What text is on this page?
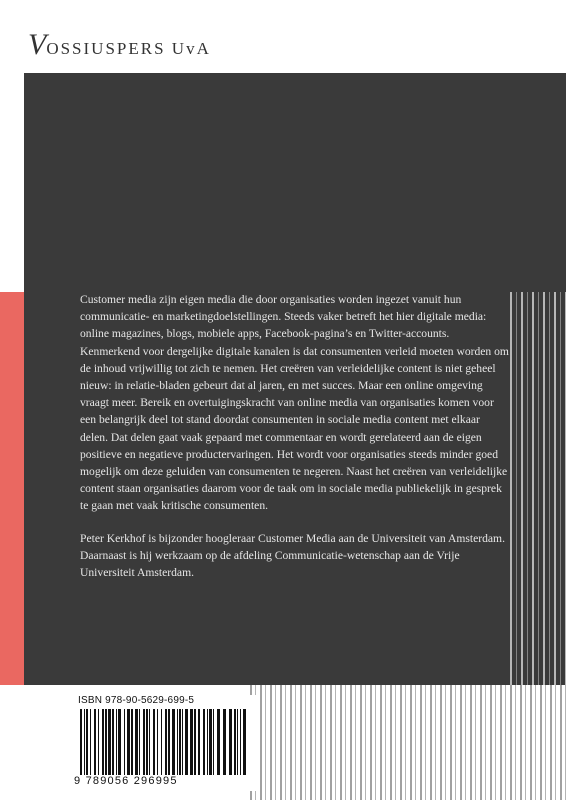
VOSSIUSPERS UvA

Customer media zijn eigen media die door organisaties worden ingezet vanuit hun communicatie- en marketingdoelstellingen. Steeds vaker betreft het hier digitale media: online magazines, blogs, mobiele apps, Facebook-pagina’s en Twitter-accounts. Kenmerkend voor dergelijke digitale kanalen is dat consumenten verleid moeten worden om de inhoud vrijwillig tot zich te nemen. Het creëren van verleidelijke content is niet geheel nieuw: in relatie-bladen gebeurt dat al jaren, en met succes. Maar een online omgeving vraagt meer. Bereik en overtuigingskracht van online media van organisaties komen voor een belangrijk deel tot stand doordat consumenten in sociale media content met elkaar delen. Dat delen gaat vaak gepaard met commentaar en wordt gerelateerd aan de eigen positieve en negatieve productervaringen. Het wordt voor organisaties steeds minder goed mogelijk om deze geluiden van consumenten te negeren. Naast het creëren van verleidelijke content staan organisaties daarom voor de taak om in sociale media publiekelijk in gesprek te gaan met vaak kritische consumenten.

Peter Kerkhof is bijzonder hoogleraar Customer Media aan de Universiteit van Amsterdam. Daarnaast is hij werkzaam op de afdeling Communicatie-wetenschap aan de Vrije Universiteit Amsterdam.

ISBN 978-90-5629-699-5
9 789056 296995
